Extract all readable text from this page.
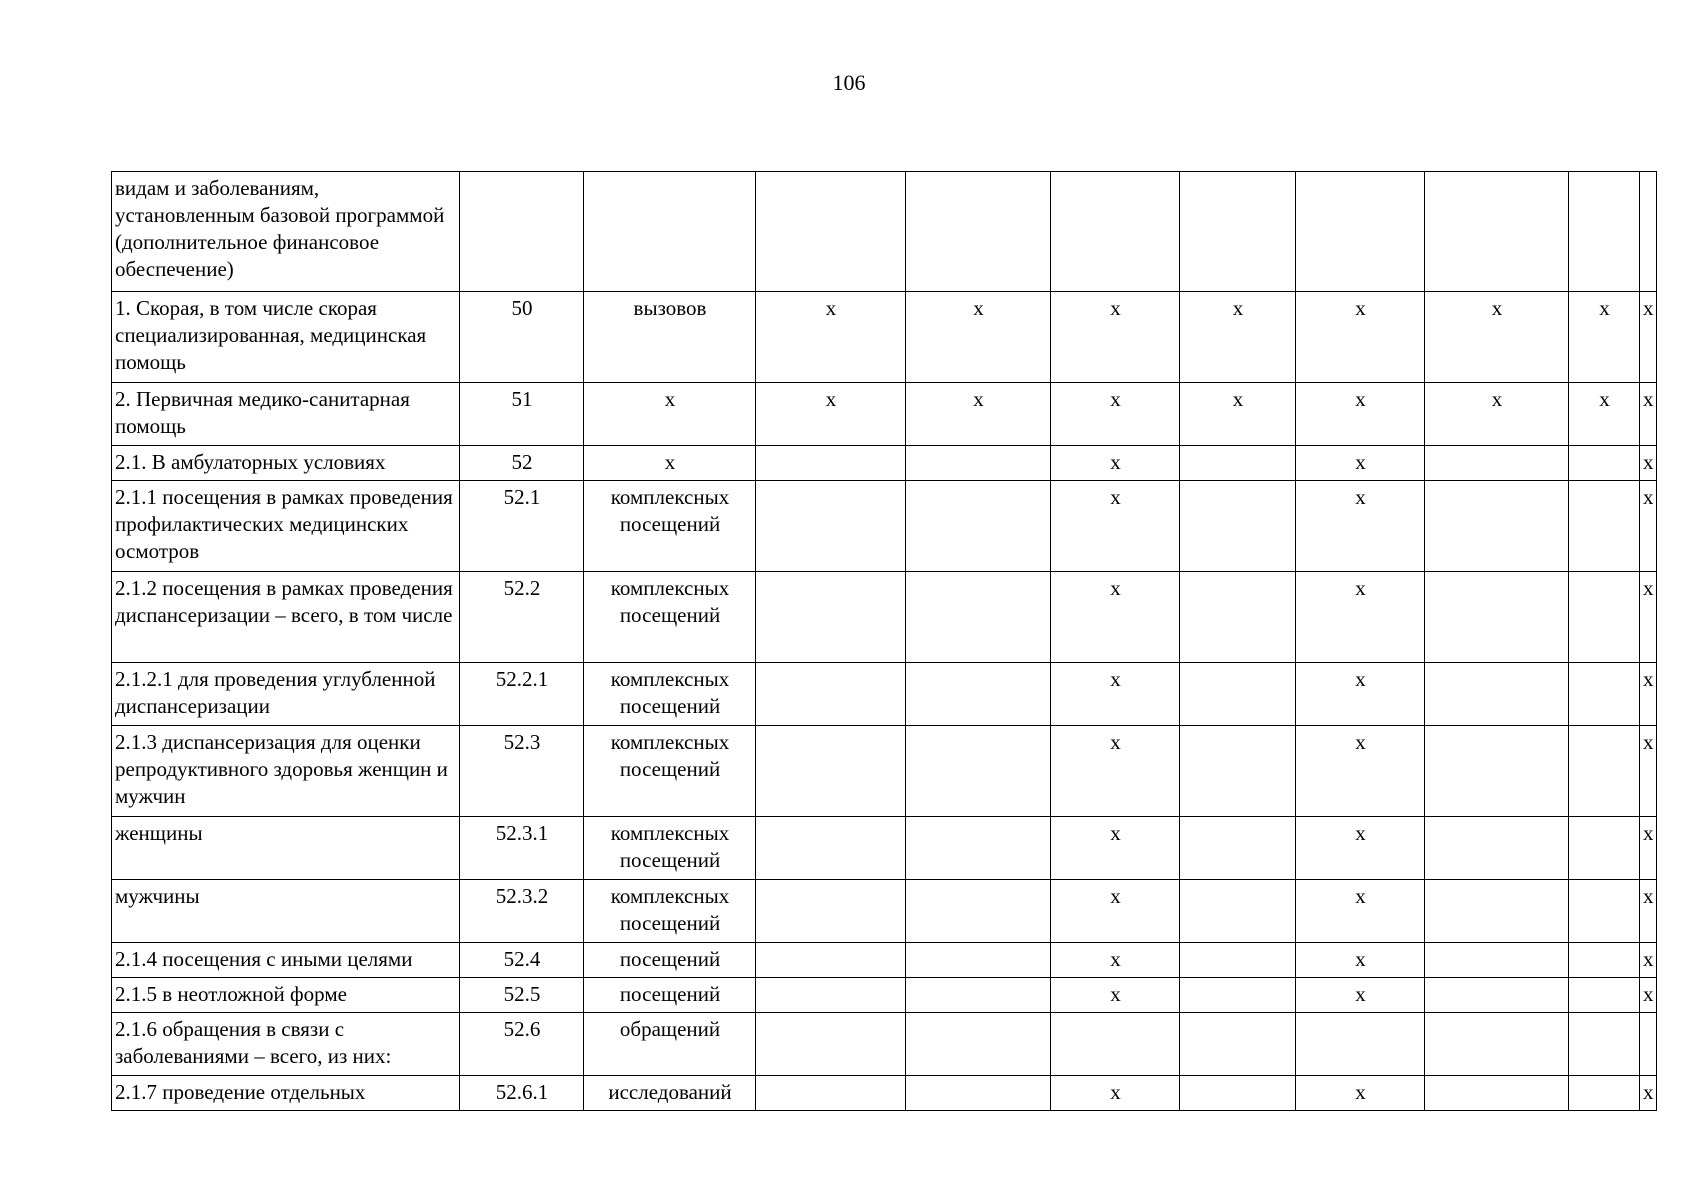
106
видам и заболеваниям, установленным базовой программой (дополнительное финансовое обеспечение)										
1. Скорая, в том числе скорая специализированная, медицинская помощь	50	вызовов	х	х	х	х	х	х	х	х
2. Первичная медико-санитарная помощь	51	х	х	х	х	х	х	х	х	х
2.1. В амбулаторных условиях	52	х			х		х			х
2.1.1 посещения в рамках проведения профилактических медицинских осмотров	52.1	комплексных посещений			х		х			х
2.1.2 посещения в рамках проведения диспансеризации – всего, в том числе	52.2	комплексных посещений			х		х			х
2.1.2.1 для проведения углубленной диспансеризации	52.2.1	комплексных посещений			х		х			х
2.1.3 диспансеризация для оценки репродуктивного здоровья женщин и мужчин	52.3	комплексных посещений			х		х			х
женщины	52.3.1	комплексных посещений			х		х			х
мужчины	52.3.2	комплексных посещений			х		х			х
2.1.4 посещения с иными целями	52.4	посещений			х		х			х
2.1.5 в неотложной форме	52.5	посещений			х		х			х
2.1.6 обращения в связи с заболеваниями – всего, из них:	52.6	обращений								
2.1.7 проведение отдельных	52.6.1	исследований			х		х			х
